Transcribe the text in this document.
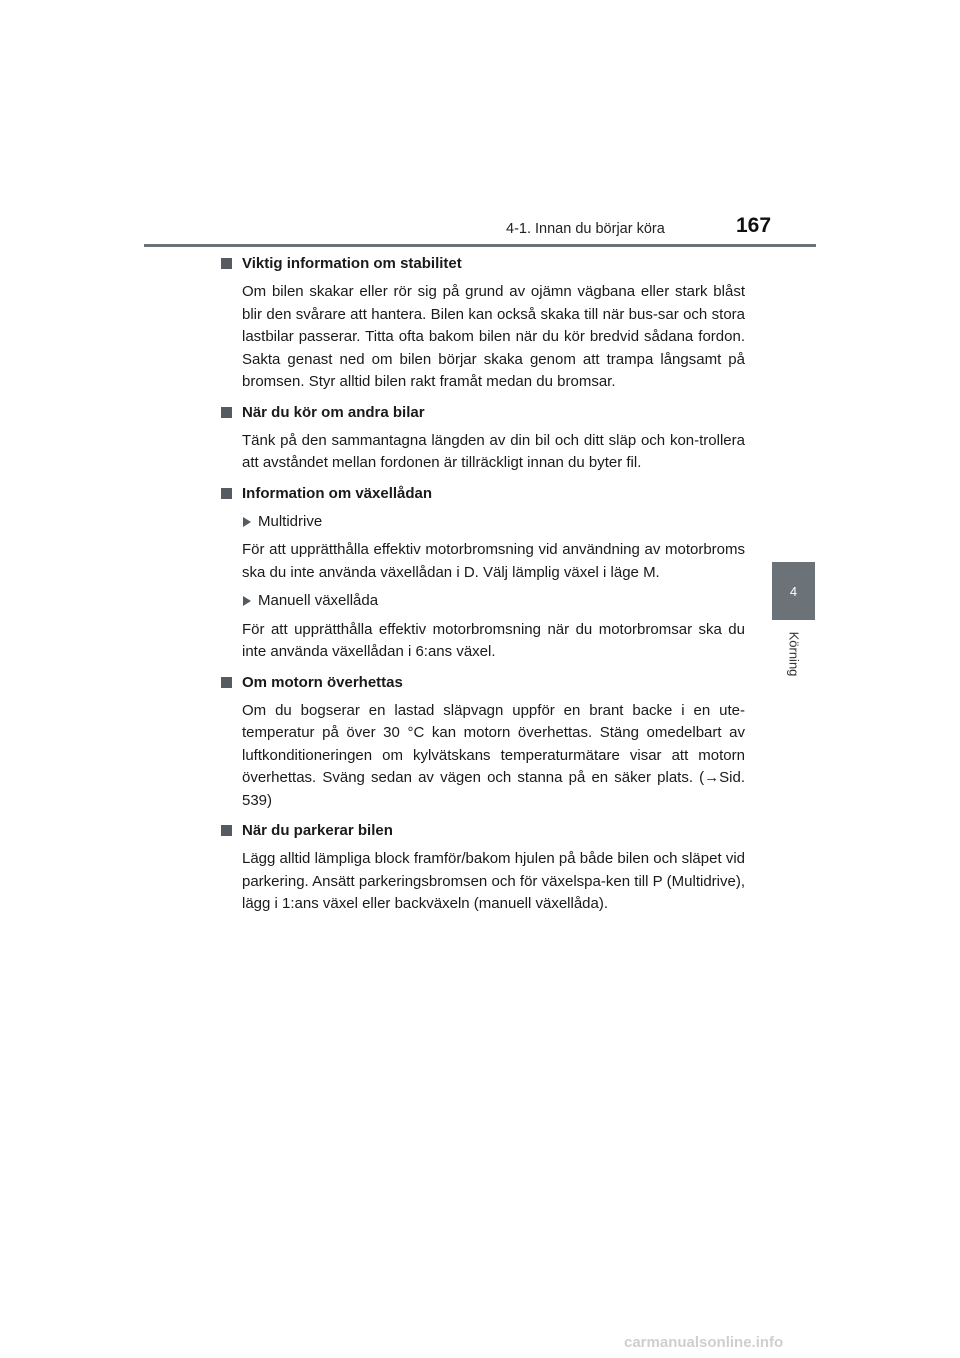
4-1. Innan du börjar köra	167
4
Körning
Viktig information om stabilitet

Om bilen skakar eller rör sig på grund av ojämn vägbana eller stark blåst blir den svårare att hantera. Bilen kan också skaka till när bus-sar och stora lastbilar passerar. Titta ofta bakom bilen när du kör bredvid sådana fordon. Sakta genast ned om bilen börjar skaka genom att trampa långsamt på bromsen. Styr alltid bilen rakt framåt medan du bromsar.

När du kör om andra bilar

Tänk på den sammantagna längden av din bil och ditt släp och kon-trollera att avståndet mellan fordonen är tillräckligt innan du byter fil.

Information om växellådan
Multidrive

För att upprätthålla effektiv motorbromsning vid användning av motorbroms ska du inte använda växellådan i D. Välj lämplig växel i läge M.

Manuell växellåda

För att upprätthålla effektiv motorbromsning när du motorbromsar ska du inte använda växellådan i 6:ans växel.

Om motorn överhettas

Om du bogserar en lastad släpvagn uppför en brant backe i en ute-temperatur på över 30 °C kan motorn överhettas. Stäng omedelbart av luftkonditioneringen om kylvätskans temperaturmätare visar att motorn överhettas. Sväng sedan av vägen och stanna på en säker plats. (→Sid. 539)

När du parkerar bilen

Lägg alltid lämpliga block framför/bakom hjulen på både bilen och släpet vid parkering. Ansätt parkeringsbromsen och för växelspa-ken till P (Multidrive), lägg i 1:ans växel eller backväxeln (manuell växellåda).

carmanualsonline.info
